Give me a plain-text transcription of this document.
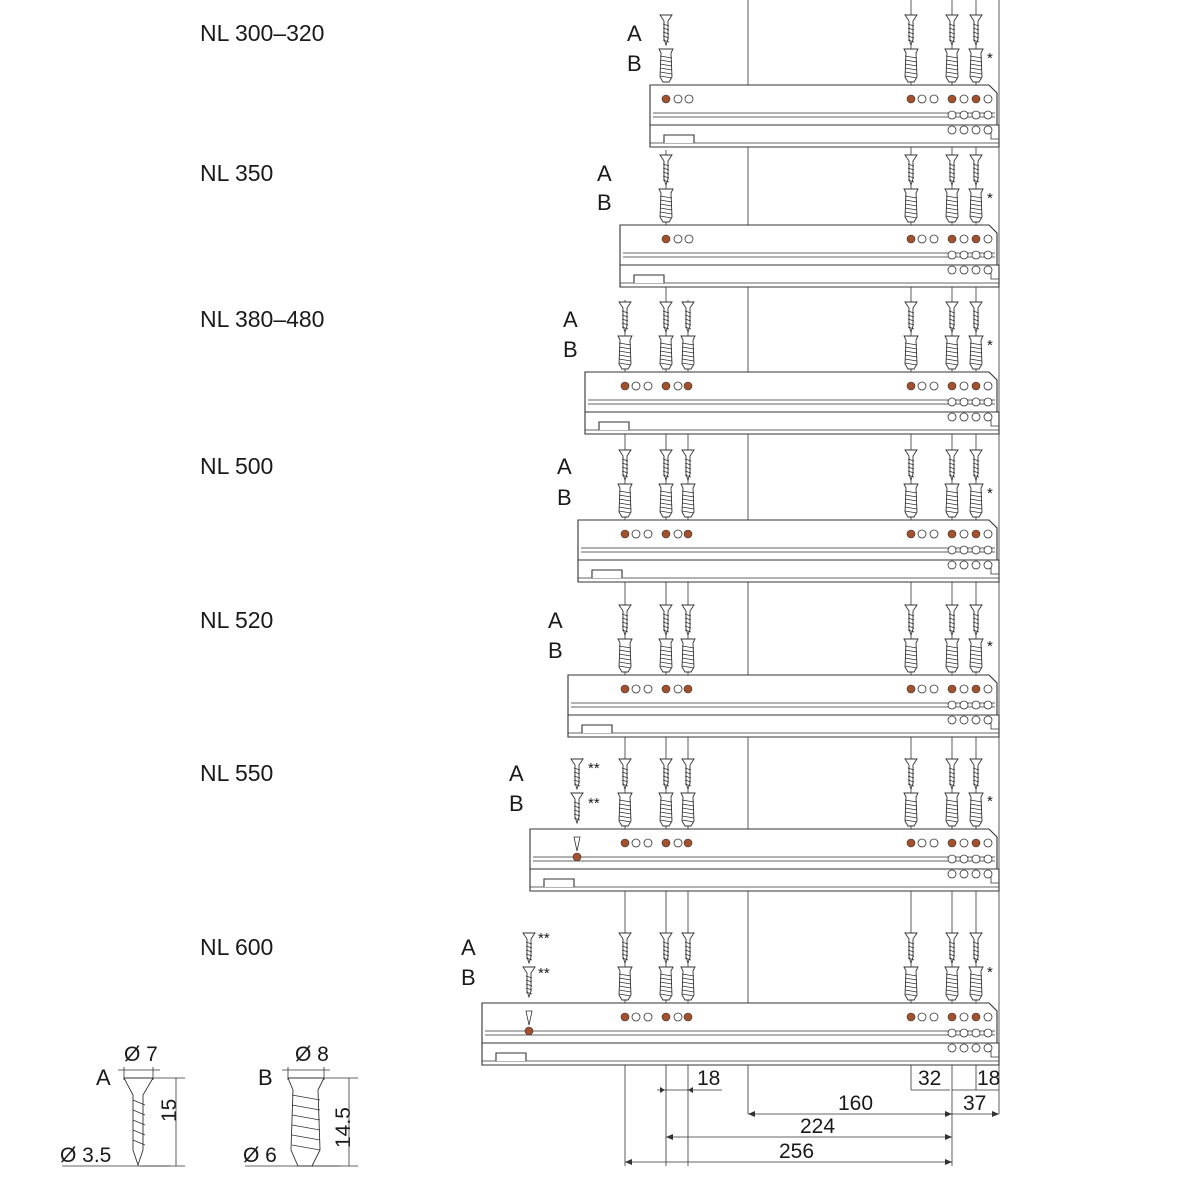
NL 300–320
NL 350
NL 380–480
NL 500
NL 520
NL 550
NL 600
A
B
A
B
A
B
A
B
A
B
A
B
A
B
*
*
*
*
*
*
*
**
**
**
**
18	32 18
160	37
224
256
A
Ø 7
Ø 3.5
15
B
Ø 8
Ø 6
14.5
